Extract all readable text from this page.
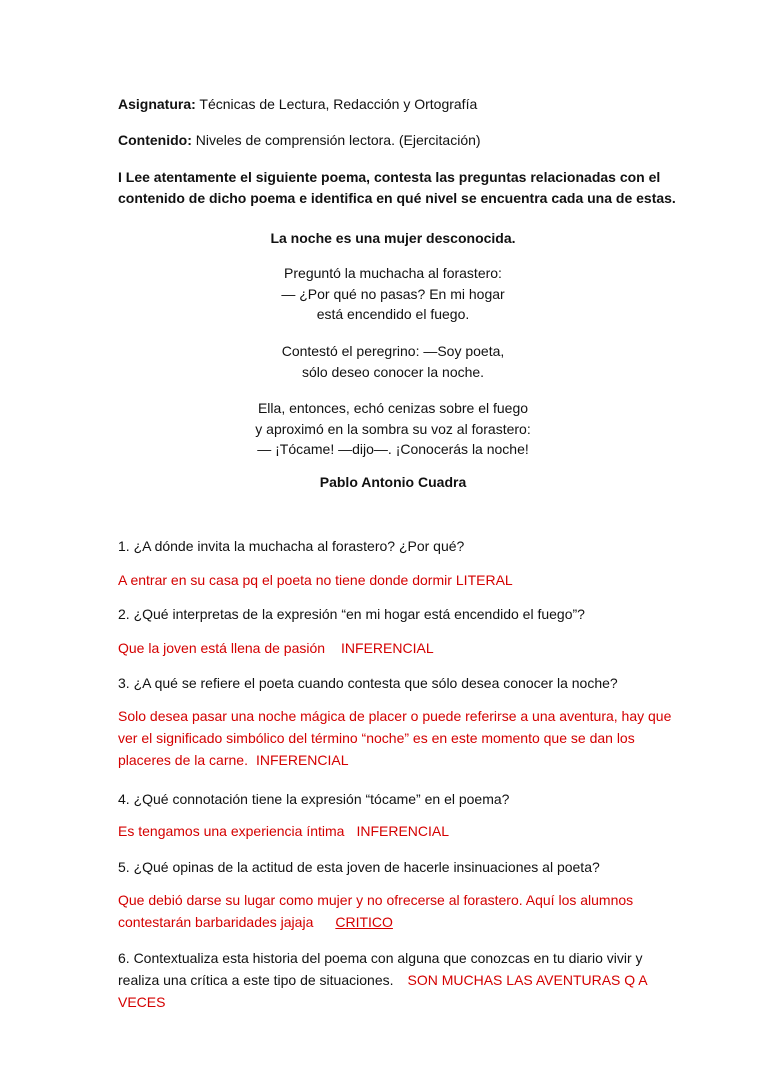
Asignatura: Técnicas de Lectura, Redacción y Ortografía
Contenido: Niveles de comprensión lectora. (Ejercitación)
I Lee atentamente el siguiente poema, contesta las preguntas relacionadas con el
contenido de dicho poema e identifica en qué nivel se encuentra cada una de estas.
La noche es una mujer desconocida.
Preguntó la muchacha al forastero:
— ¿Por qué no pasas? En mi hogar
está encendido el fuego.
Contestó el peregrino: —Soy poeta,
sólo deseo conocer la noche.
Ella, entonces, echó cenizas sobre el fuego
y aproximó en la sombra su voz al forastero:
— ¡Tócame! —dijo—. ¡Conocerás la noche!
Pablo Antonio Cuadra
1. ¿A dónde invita la muchacha al forastero? ¿Por qué?
A entrar en su casa pq el poeta no tiene donde dormir LITERAL
2. ¿Qué interpretas de la expresión “en mi hogar está encendido el fuego”?
Que la joven está llena de pasión INFERENCIAL
3. ¿A qué se refiere el poeta cuando contesta que sólo desea conocer la noche?
Solo desea pasar una noche mágica de placer o puede referirse a una aventura, hay que ver el significado simbólico del término “noche” es en este momento que se dan los placeres de la carne. INFERENCIAL
4. ¿Qué connotación tiene la expresión “tócame” en el poema?
Es tengamos una experiencia íntima INFERENCIAL
5. ¿Qué opinas de la actitud de esta joven de hacerle insinuaciones al poeta?
Que debió darse su lugar como mujer y no ofrecerse al forastero. Aquí los alumnos contestarán barbaridades jajaja CRITICO
6. Contextualiza esta historia del poema con alguna que conozcas en tu diario vivir y realiza una crítica a este tipo de situaciones. SON MUCHAS LAS AVENTURAS Q A VECES
